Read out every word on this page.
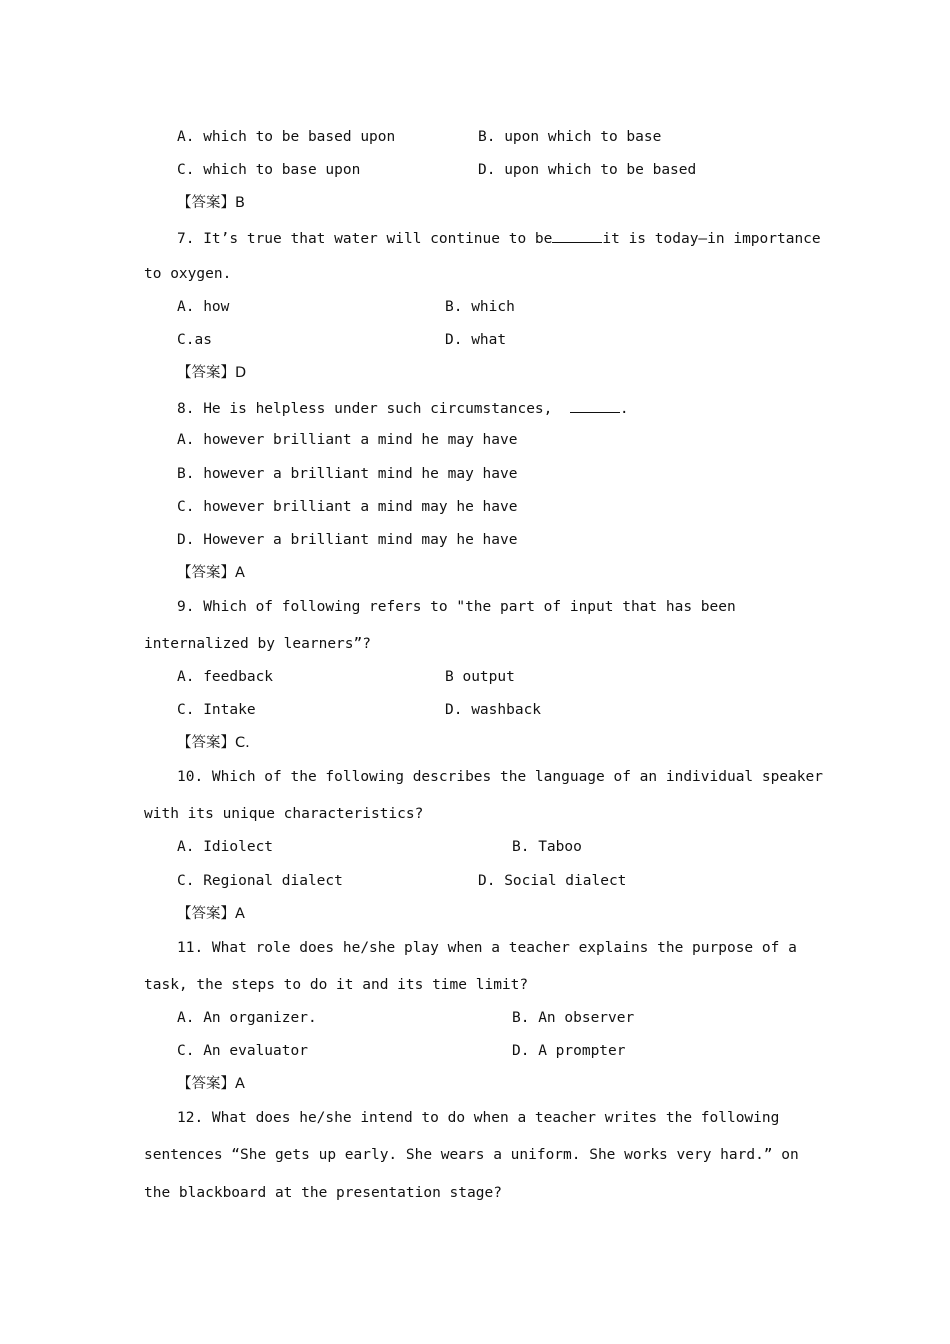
A. which to be based upon	B. upon which to base
C. which to base upon	D. upon which to be based
【答案】B
7. It’s true that water will continue to be	it is today—in importance
to oxygen.
A. how	B. which
C.as	D. what
【答案】D
8. He is helpless under such circumstances,	.
A. however brilliant a mind he may have
B. however a brilliant mind he may have
C. however brilliant a mind may he have
D. However a brilliant mind may he have
【答案】A
9. Which of following refers to "the part of input that has been
internalized by learners”?
A. feedback	B output
C. Intake	D. washback
【答案】C.
10. Which of the following describes the language of an individual speaker
with its unique characteristics?
A. Idiolect	B. Taboo
C. Regional dialect	D. Social dialect
【答案】A
11. What role does he/she play when a teacher explains the purpose of a
task, the steps to do it and its time limit?
A. An organizer.	B. An observer
C. An evaluator	D. A prompter
【答案】A
12. What does he/she intend to do when a teacher writes the following
sentences “She gets up early. She wears a uniform. She works very hard.” on
the blackboard at the presentation stage?
